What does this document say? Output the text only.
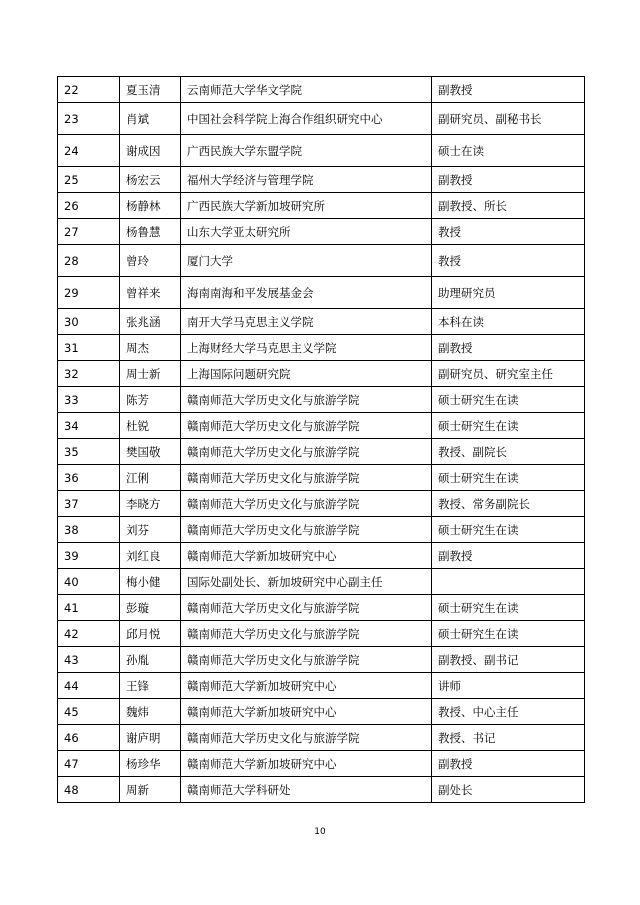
22	夏玉清	云南师范大学华文学院	副教授
23	肖斌	中国社会科学院上海合作组织研究中心	副研究员、副秘书长
24	谢成因	广西民族大学东盟学院	硕士在读
25	杨宏云	福州大学经济与管理学院	副教授
26	杨静林	广西民族大学新加坡研究所	副教授、所长
27	杨鲁慧	山东大学亚太研究所	教授
28	曾玲	厦门大学	教授
29	曾祥来	海南南海和平发展基金会	助理研究员
30	张兆涵	南开大学马克思主义学院	本科在读
31	周杰	上海财经大学马克思主义学院	副教授
32	周士新	上海国际问题研究院	副研究员、研究室主任
33	陈芳	赣南师范大学历史文化与旅游学院	硕士研究生在读
34	杜锐	赣南师范大学历史文化与旅游学院	硕士研究生在读
35	樊国敬	赣南师范大学历史文化与旅游学院	教授、副院长
36	江俐	赣南师范大学历史文化与旅游学院	硕士研究生在读
37	李晓方	赣南师范大学历史文化与旅游学院	教授、常务副院长
38	刘芬	赣南师范大学历史文化与旅游学院	硕士研究生在读
39	刘红良	赣南师范大学新加坡研究中心	副教授
40	梅小健	国际处副处长、新加坡研究中心副主任	
41	彭璇	赣南师范大学历史文化与旅游学院	硕士研究生在读
42	邱月悦	赣南师范大学历史文化与旅游学院	硕士研究生在读
43	孙胤	赣南师范大学历史文化与旅游学院	副教授、副书记
44	王锋	赣南师范大学新加坡研究中心	讲师
45	魏炜	赣南师范大学新加坡研究中心	教授、中心主任
46	谢庐明	赣南师范大学历史文化与旅游学院	教授、书记
47	杨珍华	赣南师范大学新加坡研究中心	副教授
48	周新	赣南师范大学科研处	副处长
10
